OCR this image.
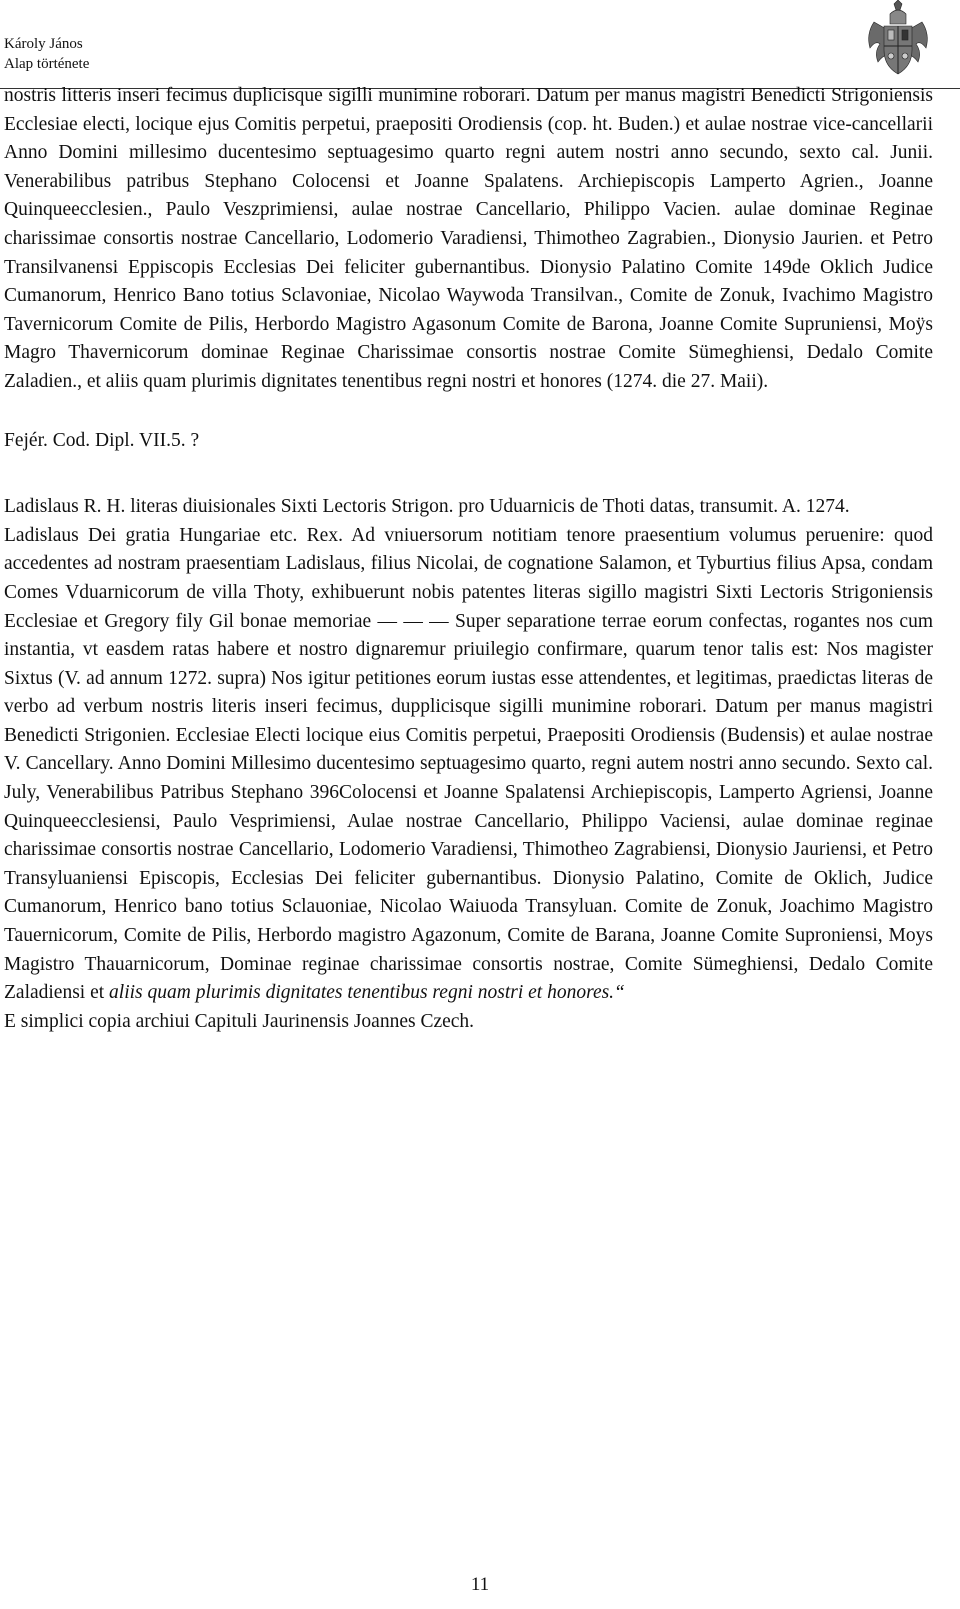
Károly János
Alap története

nostris litteris inseri fecimus duplicisque sigilli munimine roborari. Datum per manus magistri Benedicti Strigoniensis Ecclesiae electi, locique ejus Comitis perpetui, praepositi Orodiensis (cop. ht. Buden.) et aulae nostrae vice-cancellarii Anno Domini millesimo ducentesimo septuagesimo quarto regni autem nostri anno secundo, sexto cal. Junii. Venerabilibus patribus Stephano Colocensi et Joanne Spalatens. Archiepiscopis Lamperto Agrien., Joanne Quinqueecclesien., Paulo Veszprimiensi, aulae nostrae Cancellario, Philippo Vacien. aulae dominae Reginae charissimae consortis nostrae Cancellario, Lodomerio Varadiensi, Thimotheo Zagrabien., Dionysio Jaurien. et Petro Transilvanensi Eppiscopis Ecclesias Dei feliciter gubernantibus. Dionysio Palatino Comite 149de Oklich Judice Cumanorum, Henrico Bano totius Sclavoniae, Nicolao Waywoda Transilvan., Comite de Zonuk, Ivachimo Magistro Tavernicorum Comite de Pilis, Herbordo Magistro Agasonum Comite de Barona, Joanne Comite Supruniensi, Moÿs Magro Thavernicorum dominae Reginae Charissimae consortis nostrae Comite Sümeghiensi, Dedalo Comite Zaladien., et aliis quam plurimis dignitates tenentibus regni nostri et honores (1274. die 27. Maii).

Fejér. Cod. Dipl. VII.5. ?

Ladislaus R. H. literas diuisionales Sixti Lectoris Strigon. pro Uduarnicis de Thoti datas, transumit. A. 1274.

Ladislaus Dei gratia Hungariae etc. Rex. Ad vniuersorum notitiam tenore praesentium volumus peruenire: quod accedentes ad nostram praesentiam Ladislaus, filius Nicolai, de cognatione Salamon, et Tyburtius filius Apsa, condam Comes Vduarnicorum de villa Thoty, exhibuerunt nobis patentes literas sigillo magistri Sixti Lectoris Strigoniensis Ecclesiae et Gregory fily Gil bonae memoriae ― ― ― Super separatione terrae eorum confectas, rogantes nos cum instantia, vt easdem ratas habere et nostro dignaremur priuilegio confirmare, quarum tenor talis est: Nos magister Sixtus (V. ad annum 1272. supra) Nos igitur petitiones eorum iustas esse attendentes, et legitimas, praedictas literas de verbo ad verbum nostris literis inseri fecimus, dupplicisque sigilli munimine roborari. Datum per manus magistri Benedicti Strigonien. Ecclesiae Electi locique eius Comitis perpetui, Praepositi Orodiensis (Budensis) et aulae nostrae V. Cancellary. Anno Domini Millesimo ducentesimo septuagesimo quarto, regni autem nostri anno secundo. Sexto cal. July, Venerabilibus Patribus Stephano 396Colocensi et Joanne Spalatensi Archiepiscopis, Lamperto Agriensi, Joanne Quinqueecclesiensi, Paulo Vesprimiensi, Aulae nostrae Cancellario, Philippo Vaciensi, aulae dominae reginae charissimae consortis nostrae Cancellario, Lodomerio Varadiensi, Thimotheo Zagrabiensi, Dionysio Jauriensi, et Petro Transyluaniensi Episcopis, Ecclesias Dei feliciter gubernantibus. Dionysio Palatino, Comite de Oklich, Judice Cumanorum, Henrico bano totius Sclauoniae, Nicolao Waiuoda Transyluan. Comite de Zonuk, Joachimo Magistro Tauernicorum, Comite de Pilis, Herbordo magistro Agazonum, Comite de Barana, Joanne Comite Suproniensi, Moys Magistro Thauarnicorum, Dominae reginae charissimae consortis nostrae, Comite Sümeghiensi, Dedalo Comite Zaladiensi et aliis quam plurimis dignitates tenentibus regni nostri et honores.“

E simplici copia archiui Capituli Jaurinensis Joannes Czech.

11
